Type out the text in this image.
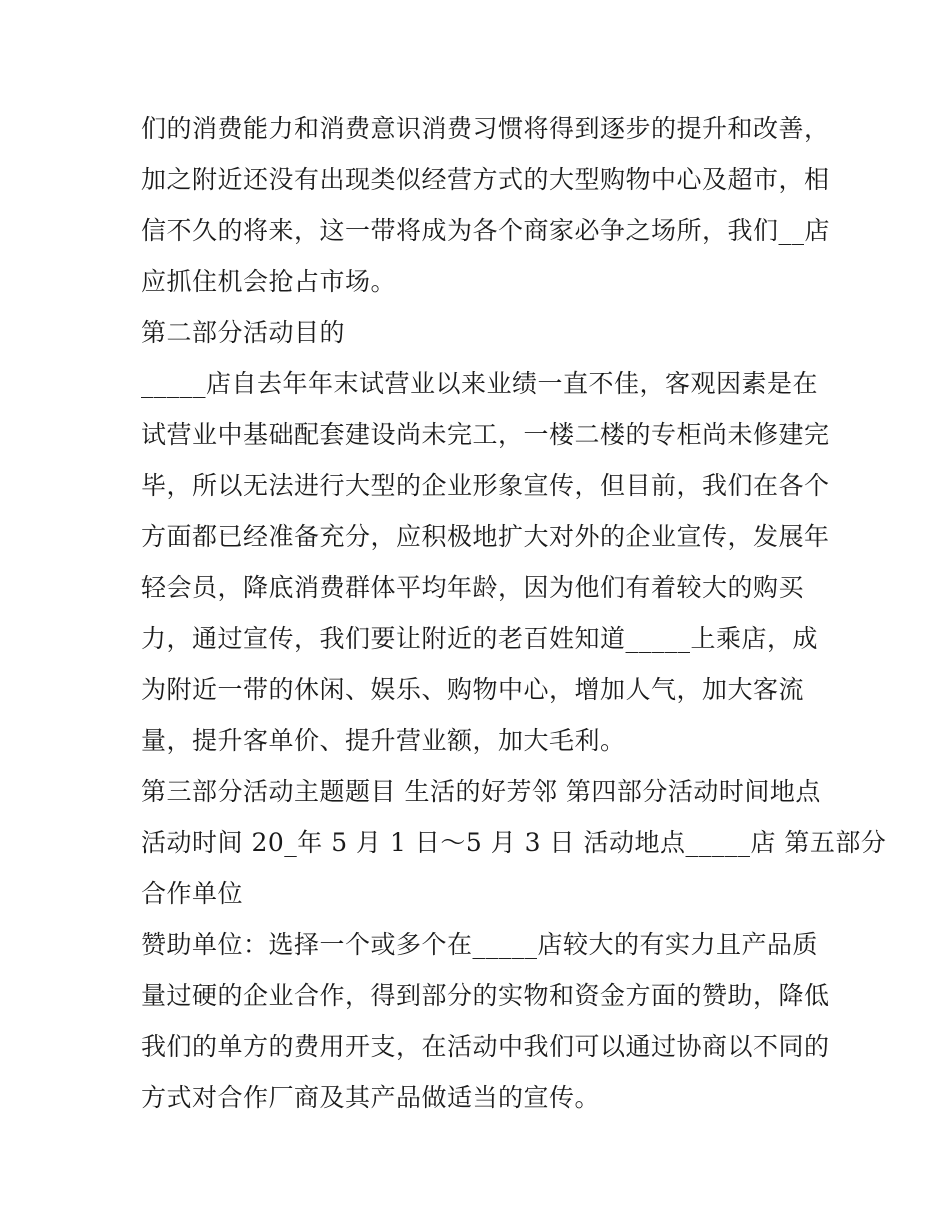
们的消费能力和消费意识消费习惯将得到逐步的提升和改善，
加之附近还没有出现类似经营方式的大型购物中心及超市，相
信不久的将来，这一带将成为各个商家必争之场所，我们__店
应抓住机会抢占市场。
第二部分活动目的
_____店自去年年末试营业以来业绩一直不佳，客观因素是在
试营业中基础配套建设尚未完工，一楼二楼的专柜尚未修建完
毕，所以无法进行大型的企业形象宣传，但目前，我们在各个
方面都已经准备充分，应积极地扩大对外的企业宣传，发展年
轻会员，降底消费群体平均年龄，因为他们有着较大的购买
力，通过宣传，我们要让附近的老百姓知道_____上乘店，成
为附近一带的休闲、娱乐、购物中心，增加人气，加大客流
量，提升客单价、提升营业额，加大毛利。
第三部分活动主题题目 生活的好芳邻 第四部分活动时间地点
活动时间 20_年 5 月 1 日～5 月 3 日 活动地点_____店 第五部分
合作单位
赞助单位：选择一个或多个在_____店较大的有实力且产品质
量过硬的企业合作，得到部分的实物和资金方面的赞助，降低
我们的单方的费用开支，在活动中我们可以通过协商以不同的
方式对合作厂商及其产品做适当的宣传。
